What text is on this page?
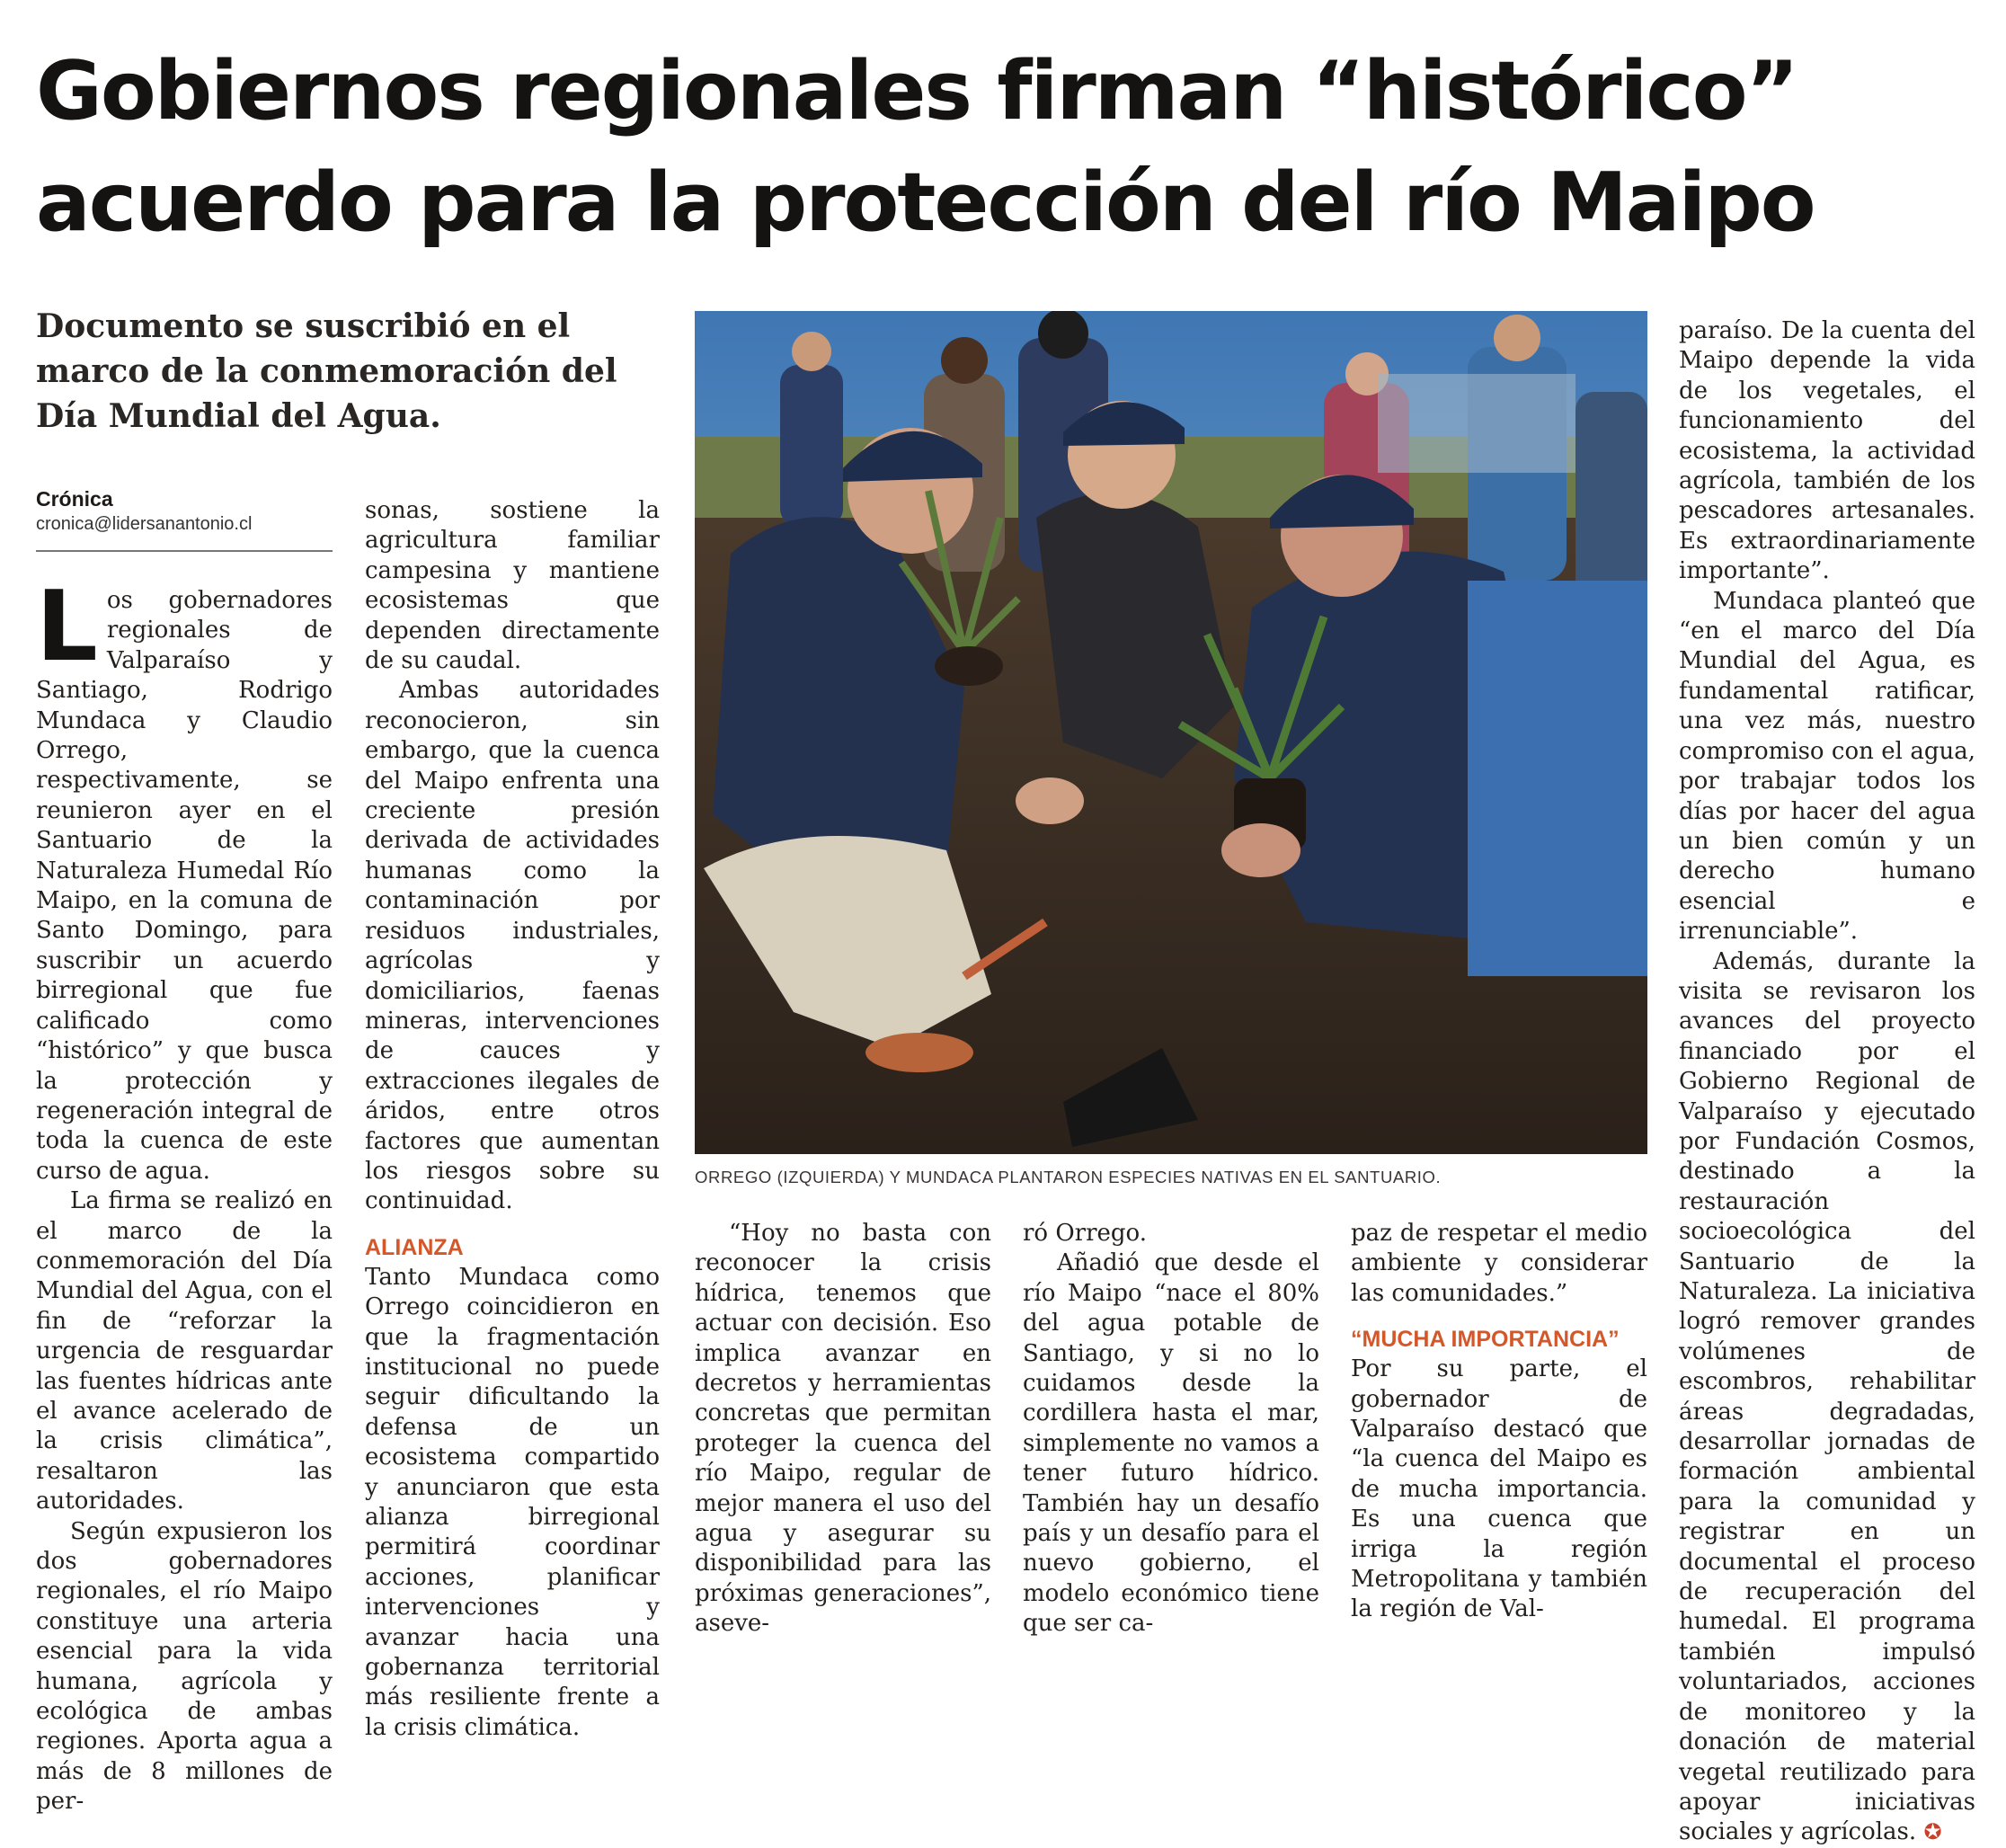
Gobiernos regionales firman “histórico”
acuerdo para la protección del río Maipo
Documento se suscribió en el marco de la conmemoración del Día Mundial del Agua.
Crónica
cronica@lidersanantonio.cl

Los gobernadores regionales de Valparaíso y Santiago, Rodrigo Mundaca y Claudio Orrego, respectivamente, se reunieron ayer en el Santuario de la Naturaleza Humedal Río Maipo, en la comuna de Santo Domingo, para suscribir un acuerdo birregional que fue calificado como “histórico” y que busca la protección y regeneración integral de toda la cuenca de este curso de agua.

La firma se realizó en el marco de la conmemoración del Día Mundial del Agua, con el fin de “reforzar la urgencia de resguardar las fuentes hídricas ante el avance acelerado de la crisis climática”, resaltaron las autoridades.

Según expusieron los dos gobernadores regionales, el río Maipo constituye una arteria esencial para la vida humana, agrícola y ecológica de ambas regiones. Aporta agua a más de 8 millones de per-

sonas, sostiene la agricultura familiar campesina y mantiene ecosistemas que dependen directamente de su caudal.

Ambas autoridades reconocieron, sin embargo, que la cuenca del Maipo enfrenta una creciente presión derivada de actividades humanas como la contaminación por residuos industriales, agrícolas y domiciliarios, faenas mineras, intervenciones de cauces y extracciones ilegales de áridos, entre otros factores que aumentan los riesgos sobre su continuidad.

ALIANZA

Tanto Mundaca como Orrego coincidieron en que la fragmentación institucional no puede seguir dificultando la defensa de un ecosistema compartido y anunciaron que esta alianza birregional permitirá coordinar acciones, planificar intervenciones y avanzar hacia una gobernanza territorial más resiliente frente a la crisis climática.

ORREGO (IZQUIERDA) Y MUNDACA PLANTARON ESPECIES NATIVAS EN EL SANTUARIO.

“Hoy no basta con reconocer la crisis hídrica, tenemos que actuar con decisión. Eso implica avanzar en decretos y herramientas concretas que permitan proteger la cuenca del río Maipo, regular de mejor manera el uso del agua y asegurar su disponibilidad para las próximas generaciones”, aseve-

ró Orrego.

Añadió que desde el río Maipo “nace el 80% del agua potable de Santiago, y si no lo cuidamos desde la cordillera hasta el mar, simplemente no vamos a tener futuro hídrico. También hay un desafío país y un desafío para el nuevo gobierno, el modelo económico tiene que ser ca-

paz de respetar el medio ambiente y considerar las comunidades.”

“MUCHA IMPORTANCIA”

Por su parte, el gobernador de Valparaíso destacó que “la cuenca del Maipo es de mucha importancia. Es una cuenca que irriga la región Metropolitana y también la región de Val-

paraíso. De la cuenta del Maipo depende la vida de los vegetales, el funcionamiento del ecosistema, la actividad agrícola, también de los pescadores artesanales. Es extraordinariamente importante”.

Mundaca planteó que “en el marco del Día Mundial del Agua, es fundamental ratificar, una vez más, nuestro compromiso con el agua, por trabajar todos los días por hacer del agua un bien común y un derecho humano esencial e irrenunciable”.

Además, durante la visita se revisaron los avances del proyecto financiado por el Gobierno Regional de Valparaíso y ejecutado por Fundación Cosmos, destinado a la restauración socioecológica del Santuario de la Naturaleza. La iniciativa logró remover grandes volúmenes de escombros, rehabilitar áreas degradadas, desarrollar jornadas de formación ambiental para la comunidad y registrar en un documental el proceso de recuperación del humedal. El programa también impulsó voluntariados, acciones de monitoreo y la donación de material vegetal reutilizado para apoyar iniciativas sociales y agrícolas. ✪
